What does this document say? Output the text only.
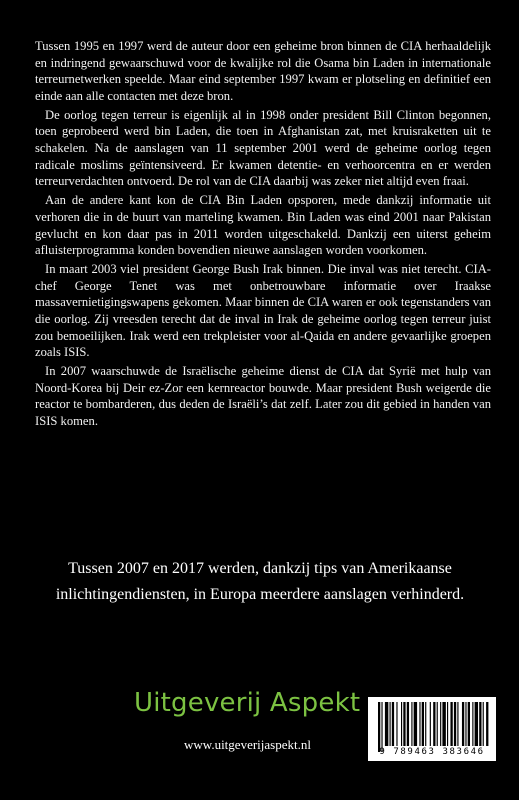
Tussen 1995 en 1997 werd de auteur door een geheime bron binnen de CIA herhaaldelijk en indringend gewaarschuwd voor de kwalijke rol die Osama bin Laden in internationale terreurnetwerken speelde. Maar eind september 1997 kwam er plotseling en definitief een einde aan alle contacten met deze bron.

De oorlog tegen terreur is eigenlijk al in 1998 onder president Bill Clinton begonnen, toen geprobeerd werd bin Laden, die toen in Afghanistan zat, met kruisraketten uit te schakelen. Na de aanslagen van 11 september 2001 werd de geheime oorlog tegen radicale moslims geïntensiveerd. Er kwamen detentie- en verhoorcentra en er werden terreurverdachten ontvoerd. De rol van de CIA daarbij was zeker niet altijd even fraai.

Aan de andere kant kon de CIA Bin Laden opsporen, mede dankzij informatie uit verhoren die in de buurt van marteling kwamen. Bin Laden was eind 2001 naar Pakistan gevlucht en kon daar pas in 2011 worden uitgeschakeld. Dankzij een uiterst geheim afluisterprogramma konden bovendien nieuwe aanslagen worden voorkomen.

In maart 2003 viel president George Bush Irak binnen. Die inval was niet terecht. CIA-chef George Tenet was met onbetrouwbare informatie over Iraakse massavernietigingswapens gekomen. Maar binnen de CIA waren er ook tegenstanders van die oorlog. Zij vreesden terecht dat de inval in Irak de geheime oorlog tegen terreur juist zou bemoeilijken. Irak werd een trekpleister voor al-Qaida en andere gevaarlijke groepen zoals ISIS.

In 2007 waarschuwde de Israëlische geheime dienst de CIA dat Syrië met hulp van Noord-Korea bij Deir ez-Zor een kernreactor bouwde. Maar president Bush weigerde die reactor te bombarderen, dus deden de Israëli’s dat zelf. Later zou dit gebied in handen van ISIS komen.

Tussen 2007 en 2017 werden, dankzij tips van Amerikaanse inlichtingendiensten, in Europa meerdere aanslagen verhinderd.
Uitgeverij Aspekt
www.uitgeverijaspekt.nl	9 789463 383646
